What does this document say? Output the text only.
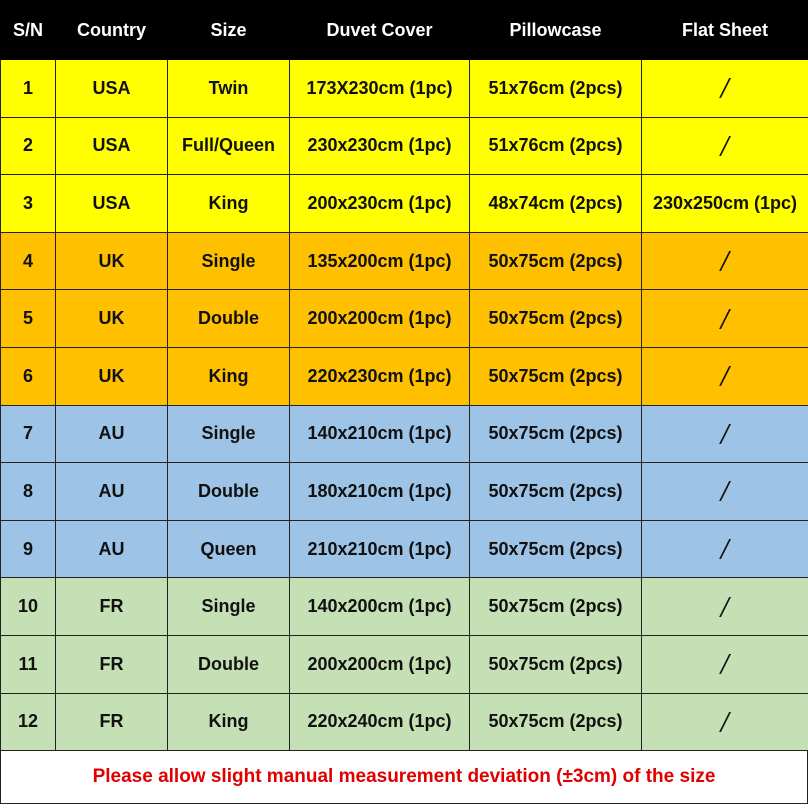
S/N	Country	Size	Duvet Cover	Pillowcase	Flat Sheet
1	USA	Twin	173X230cm (1pc)	51x76cm (2pcs)	/
2	USA	Full/Queen	230x230cm (1pc)	51x76cm (2pcs)	/
3	USA	King	200x230cm (1pc)	48x74cm (2pcs)	230x250cm (1pc)
4	UK	Single	135x200cm (1pc)	50x75cm (2pcs)	/
5	UK	Double	200x200cm (1pc)	50x75cm (2pcs)	/
6	UK	King	220x230cm (1pc)	50x75cm (2pcs)	/
7	AU	Single	140x210cm (1pc)	50x75cm (2pcs)	/
8	AU	Double	180x210cm (1pc)	50x75cm (2pcs)	/
9	AU	Queen	210x210cm (1pc)	50x75cm (2pcs)	/
10	FR	Single	140x200cm (1pc)	50x75cm (2pcs)	/
11	FR	Double	200x200cm (1pc)	50x75cm (2pcs)	/
12	FR	King	220x240cm (1pc)	50x75cm (2pcs)	/
Please allow slight manual measurement deviation (±3cm) of the size
